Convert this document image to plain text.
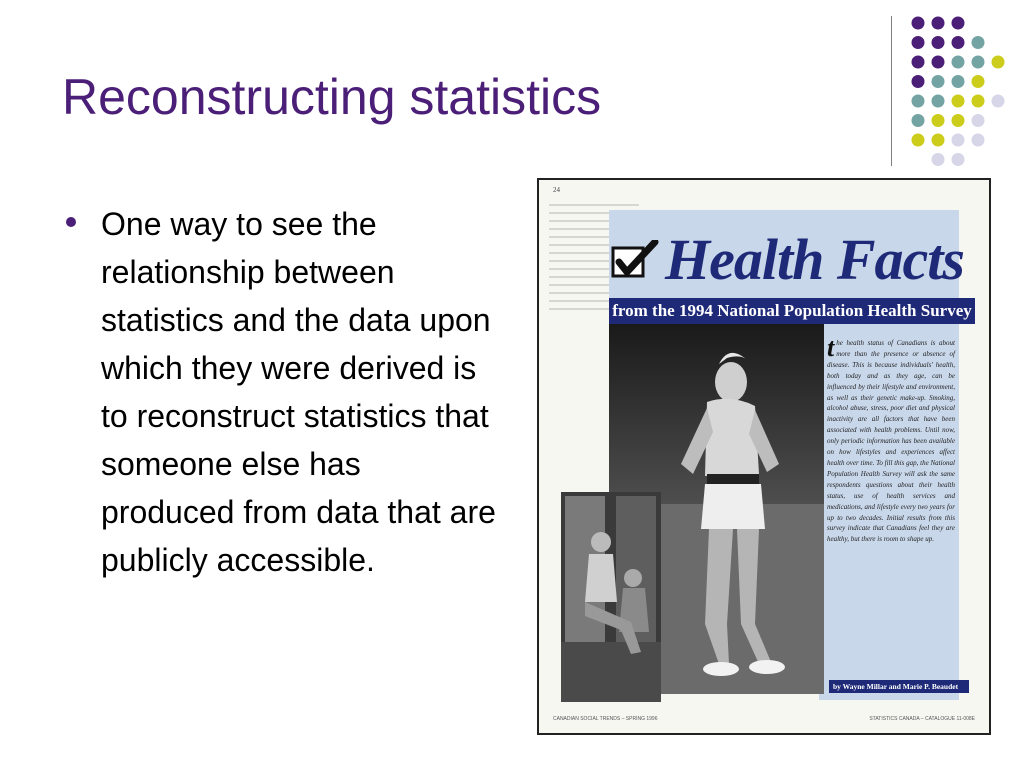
Reconstructing statistics
One way to see the relationship between statistics and the data upon which they were derived is to reconstruct statistics that someone else has produced from data that are publicly accessible.
24
Health Facts
from the 1994 National Population Health Survey
the health status of Canadians is about more than the presence or absence of disease. This is because individuals' health, both today and as they age, can be influenced by their lifestyle and environment, as well as their genetic make-up. Smoking, alcohol abuse, stress, poor diet and physical inactivity are all factors that have been associated with health problems. Until now, only periodic information has been available on how lifestyles and experiences affect health over time. To fill this gap, the National Population Health Survey will ask the same respondents questions about their health status, use of health services and medications, and lifestyle every two years for up to two decades. Initial results from this survey indicate that Canadians feel they are healthy, but there is room to shape up.
by Wayne Millar and Marie P. Beaudet
CANADIAN SOCIAL TRENDS – SPRING 1996	STATISTICS CANADA – CATALOGUE 11-008E
